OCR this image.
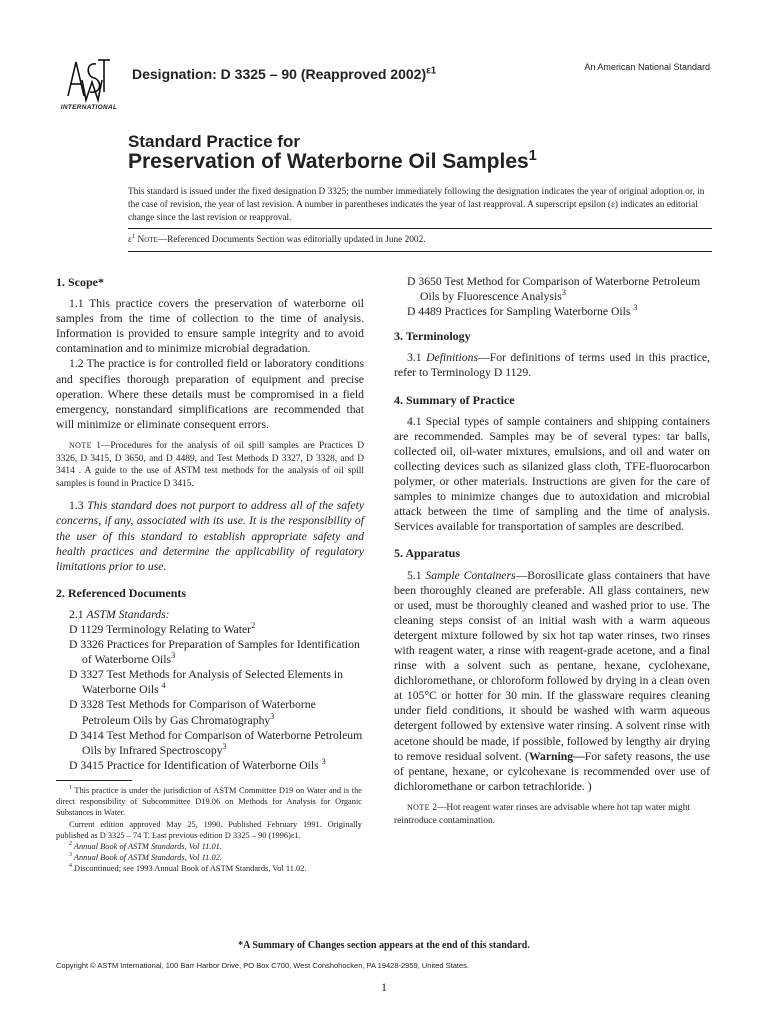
INTERNATIONAL
Designation: D 3325 – 90 (Reapproved 2002)$^{\varepsilon 1}$	An American National Standard
Standard Practice for
Preservation of Waterborne Oil Samples$^1$
This standard is issued under the fixed designation D 3325; the number immediately following the designation indicates the year of original adoption or, in the case of revision, the year of last revision. A number in parentheses indicates the year of last reapproval. A superscript epsilon (ε) indicates an editorial change since the last revision or reapproval.
$\varepsilon^1$ Note—Referenced Documents Section was editorially updated in June 2002.
1. Scope*

1.1 This practice covers the preservation of waterborne oil samples from the time of collection to the time of analysis. Information is provided to ensure sample integrity and to avoid contamination and to minimize microbial degradation.

1.2 The practice is for controlled field or laboratory conditions and specifies thorough preparation of equipment and precise operation. Where these details must be compromised in a field emergency, nonstandard simplifications are recommended that will minimize or eliminate consequent errors.

NOTE 1—Procedures for the analysis of oil spill samples are Practices D 3326, D 3415, D 3650, and D 4489, and Test Methods D 3327, D 3328, and D 3414 . A guide to the use of ASTM test methods for the analysis of oil spill samples is found in Practice D 3415.

1.3 This standard does not purport to address all of the safety concerns, if any, associated with its use. It is the responsibility of the user of this standard to establish appropriate safety and health practices and determine the applicability of regulatory limitations prior to use.

2. Referenced Documents

2.1 ASTM Standards:

D 1129 Terminology Relating to Water$^2$

D 3326 Practices for Preparation of Samples for Identification of Waterborne Oils$^3$

D 3327 Test Methods for Analysis of Selected Elements in Waterborne Oils $^4$

D 3328 Test Methods for Comparison of Waterborne Petroleum Oils by Gas Chromatography$^3$

D 3414 Test Method for Comparison of Waterborne Petroleum Oils by Infrared Spectroscopy$^3$

D 3415 Practice for Identification of Waterborne Oils $^3$

$^1$ This practice is under the jurisdiction of ASTM Committee D19 on Water and is the direct responsibility of Subcommittee D19.06 on Methods for Analysis for Organic Substances in Water.

Current edition approved May 25, 1990. Published February 1991. Originally published as D 3325 – 74 T. Last previous edition D 3325 – 90 (1996)ε1.

$^2$ Annual Book of ASTM Standards, Vol 11.01.

$^3$ Annual Book of ASTM Standards, Vol 11.02.

$^4$ Discontinued; see 1993 Annual Book of ASTM Standards, Vol 11.02.

D 3650 Test Method for Comparison of Waterborne Petroleum Oils by Fluorescence Analysis$^3$

D 4489 Practices for Sampling Waterborne Oils $^3$

3. Terminology

3.1 Definitions—For definitions of terms used in this practice, refer to Terminology D 1129.

4. Summary of Practice

4.1 Special types of sample containers and shipping containers are recommended. Samples may be of several types: tar balls, collected oil, oil-water mixtures, emulsions, and oil and water on collecting devices such as silanized glass cloth, TFE-fluorocarbon polymer, or other materials. Instructions are given for the care of samples to minimize changes due to autoxidation and microbial attack between the time of sampling and the time of analysis. Services available for transportation of samples are described.

5. Apparatus

5.1 Sample Containers—Borosilicate glass containers that have been thoroughly cleaned are preferable. All glass containers, new or used, must be thoroughly cleaned and washed prior to use. The cleaning steps consist of an initial wash with a warm aqueous detergent mixture followed by six hot tap water rinses, two rinses with reagent water, a rinse with reagent-grade acetone, and a final rinse with a solvent such as pentane, hexane, cyclohexane, dichloromethane, or chloroform followed by drying in a clean oven at 105°C or hotter for 30 min. If the glassware requires cleaning under field conditions, it should be washed with warm aqueous detergent followed by extensive water rinsing. A solvent rinse with acetone should be made, if possible, followed by lengthy air drying to remove residual solvent. (Warning—For safety reasons, the use of pentane, hexane, or cylcohexane is recommended over use of dichloromethane or carbon tetrachloride. )

NOTE 2—Hot reagent water rinses are advisable where hot tap water might reintroduce contamination.

*A Summary of Changes section appears at the end of this standard.
Copyright © ASTM International, 100 Barr Harbor Drive, PO Box C700, West Conshohocken, PA 19428-2959, United States.
1
